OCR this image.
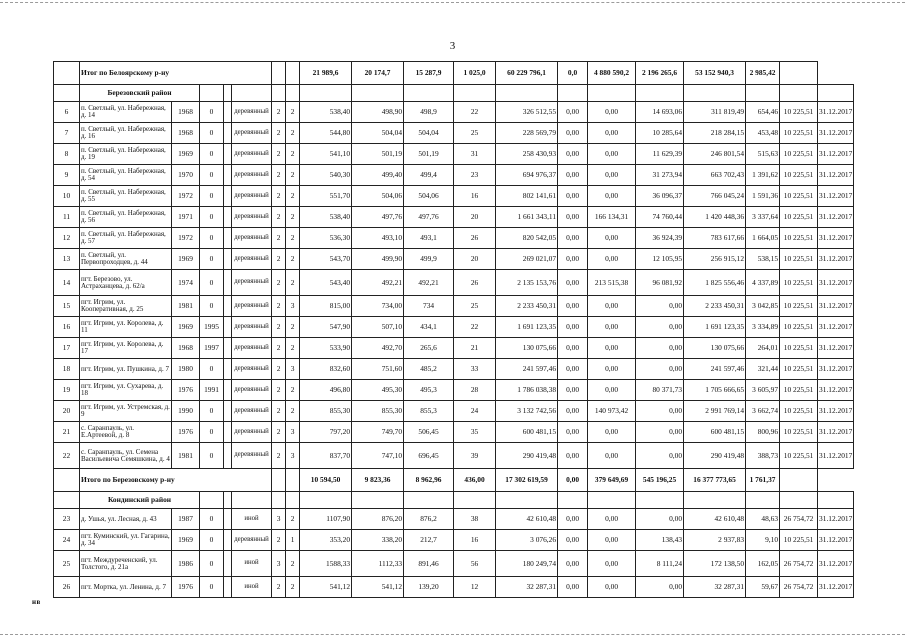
3
	Итог по Белоярскому р-ну							21 989,6	20 174,7	15 287,9	1 025,0	60 229 796,1	0,0	4 880 590,2	2 196 265,6	53 152 940,3	2 985,42		
	Березовский район																		
6	п. Светлый, ул. Набережная, д. 14	1968	0		деревянный	2	2	538,40	498,90	498,9	22	326 512,55	0,00	0,00	14 693,06	311 819,49	654,46	10 225,51	31.12.2017
7	п. Светлый, ул. Набережная, д. 16	1968	0		деревянный	2	2	544,80	504,04	504,04	25	228 569,79	0,00	0,00	10 285,64	218 284,15	453,48	10 225,51	31.12.2017
8	п. Светлый, ул. Набережная, д. 19	1969	0		деревянный	2	2	541,10	501,19	501,19	31	258 430,93	0,00	0,00	11 629,39	246 801,54	515,63	10 225,51	31.12.2017
9	п. Светлый, ул. Набережная, д. 54	1970	0		деревянный	2	2	540,30	499,40	499,4	23	694 976,37	0,00	0,00	31 273,94	663 702,43	1 391,62	10 225,51	31.12.2017
10	п. Светлый, ул. Набережная, д. 55	1972	0		деревянный	2	2	551,70	504,06	504,06	16	802 141,61	0,00	0,00	36 096,37	766 045,24	1 591,36	10 225,51	31.12.2017
11	п. Светлый, ул. Набережная, д. 56	1971	0		деревянный	2	2	538,40	497,76	497,76	20	1 661 343,11	0,00	166 134,31	74 760,44	1 420 448,36	3 337,64	10 225,51	31.12.2017
12	п. Светлый, ул. Набережная, д. 57	1972	0		деревянный	2	2	536,30	493,10	493,1	26	820 542,05	0,00	0,00	36 924,39	783 617,66	1 664,05	10 225,51	31.12.2017
13	п. Светлый, ул. Первопроходцев, д. 44	1969	0		деревянный	2	2	543,70	499,90	499,9	20	269 021,07	0,00	0,00	12 105,95	256 915,12	538,15	10 225,51	31.12.2017
14	пгт. Березово, ул. Астраханцева, д. 62/а	1974	0		деревянный	2	2	543,40	492,21	492,21	26	2 135 153,76	0,00	213 515,38	96 081,92	1 825 556,46	4 337,89	10 225,51	31.12.2017
15	пгт. Игрим, ул. Кооперативная, д. 25	1981	0		деревянный	2	3	815,00	734,00	734	25	2 233 450,31	0,00	0,00	0,00	2 233 450,31	3 042,85	10 225,51	31.12.2017
16	пгт. Игрим, ул. Королева, д. 11	1969	1995		деревянный	2	2	547,90	507,10	434,1	22	1 691 123,35	0,00	0,00	0,00	1 691 123,35	3 334,89	10 225,51	31.12.2017
17	пгт. Игрим, ул. Королева, д. 17	1968	1997		деревянный	2	2	533,90	492,70	265,6	21	130 075,66	0,00	0,00	0,00	130 075,66	264,01	10 225,51	31.12.2017
18	пгт. Игрим, ул. Пушкина, д. 7	1980	0		деревянный	2	3	832,60	751,60	485,2	33	241 597,46	0,00	0,00	0,00	241 597,46	321,44	10 225,51	31.12.2017
19	пгт. Игрим, ул. Сухарева, д. 18	1976	1991		деревянный	2	2	496,80	495,30	495,3	28	1 786 038,38	0,00	0,00	80 371,73	1 705 666,65	3 605,97	10 225,51	31.12.2017
20	пгт. Игрим, ул. Устремская, д. 9	1990	0		деревянный	2	2	855,30	855,30	855,3	24	3 132 742,56	0,00	140 973,42	0,00	2 991 769,14	3 662,74	10 225,51	31.12.2017
21	с. Саранпауль, ул. Е.Артеевой, д. 8	1976	0		деревянный	2	3	797,20	749,70	506,45	35	600 481,15	0,00	0,00	0,00	600 481,15	800,96	10 225,51	31.12.2017
22	с. Саранпауль, ул. Семена Васильевича Семяшкина, д. 4	1981	0		деревянный	2	3	837,70	747,10	696,45	39	290 419,48	0,00	0,00	0,00	290 419,48	388,73	10 225,51	31.12.2017
	Итого по Березовскому р-ну							10 594,50	9 823,36	8 962,96	436,00	17 302 619,59	0,00	379 649,69	545 196,25	16 377 773,65	1 761,37		
	Кондинский район																		
23	д. Ушья, ул. Лесная, д. 43	1987	0		иной	3	2	1107,90	876,20	876,2	38	42 610,48	0,00	0,00	0,00	42 610,48	48,63	26 754,72	31.12.2017
24	пгт. Куминский, ул. Гагарина, д. 34	1969	0		деревянный	2	1	353,20	338,20	212,7	16	3 076,26	0,00	0,00	138,43	2 937,83	9,10	10 225,51	31.12.2017
25	пгт. Междуреченский, ул. Толстого, д. 21а	1986	0		иной	3	2	1588,33	1112,33	891,46	56	180 249,74	0,00	0,00	8 111,24	172 138,50	162,05	26 754,72	31.12.2017
26	пгт. Мортка, ул. Ленина, д. 7	1976	0		иной	2	2	541,12	541,12	139,20	12	32 287,31	0,00	0,00	0,00	32 287,31	59,67	26 754,72	31.12.2017
нв
